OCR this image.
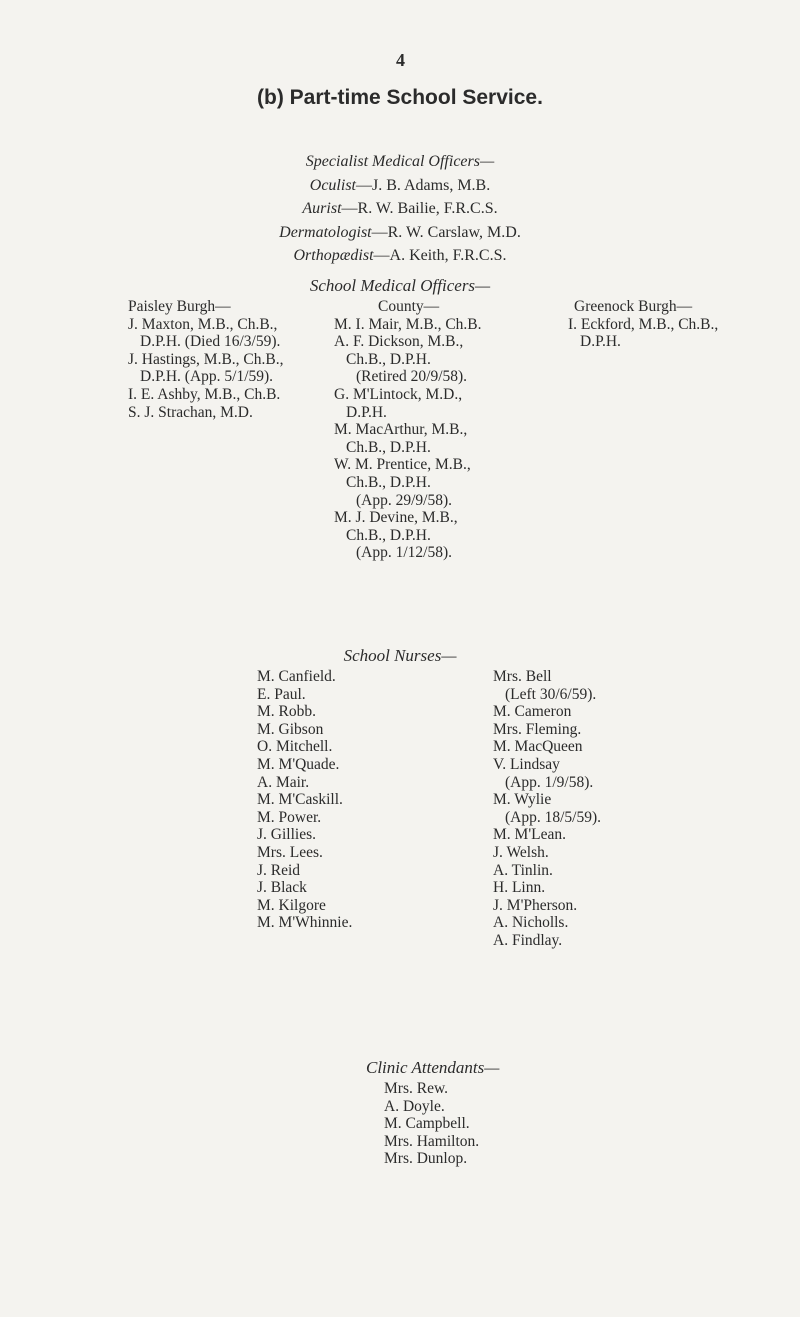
4
(b) Part-time School Service.
Specialist Medical Officers—
Oculist—J. B. Adams, M.B.
Aurist—R. W. Bailie, F.R.C.S.
Dermatologist—R. W. Carslaw, M.D.
Orthopædist—A. Keith, F.R.C.S.
School Medical Officers—
Paisley Burgh—
J. Maxton, M.B., Ch.B.,
D.P.H. (Died 16/3/59).
J. Hastings, M.B., Ch.B.,
D.P.H. (App. 5/1/59).
I. E. Ashby, M.B., Ch.B.
S. J. Strachan, M.D.
County—
M. I. Mair, M.B., Ch.B.
A. F. Dickson, M.B.,
Ch.B., D.P.H.
(Retired 20/9/58).
G. M'Lintock, M.D.,
D.P.H.
M. MacArthur, M.B.,
Ch.B., D.P.H.
W. M. Prentice, M.B.,
Ch.B., D.P.H.
(App. 29/9/58).
M. J. Devine, M.B.,
Ch.B., D.P.H.
(App. 1/12/58).
Greenock Burgh—
I. Eckford, M.B., Ch.B.,
D.P.H.
School Nurses—
M. Canfield.
E. Paul.
M. Robb.
M. Gibson
O. Mitchell.
M. M'Quade.
A. Mair.
M. M'Caskill.
M. Power.
J. Gillies.
Mrs. Lees.
J. Reid
J. Black
M. Kilgore
M. M'Whinnie.
Mrs. Bell
(Left 30/6/59).
M. Cameron
Mrs. Fleming.
M. MacQueen
V. Lindsay
(App. 1/9/58).
M. Wylie
(App. 18/5/59).
M. M'Lean.
J. Welsh.
A. Tinlin.
H. Linn.
J. M'Pherson.
A. Nicholls.
A. Findlay.
Clinic Attendants—
Mrs. Rew.
A. Doyle.
M. Campbell.
Mrs. Hamilton.
Mrs. Dunlop.
